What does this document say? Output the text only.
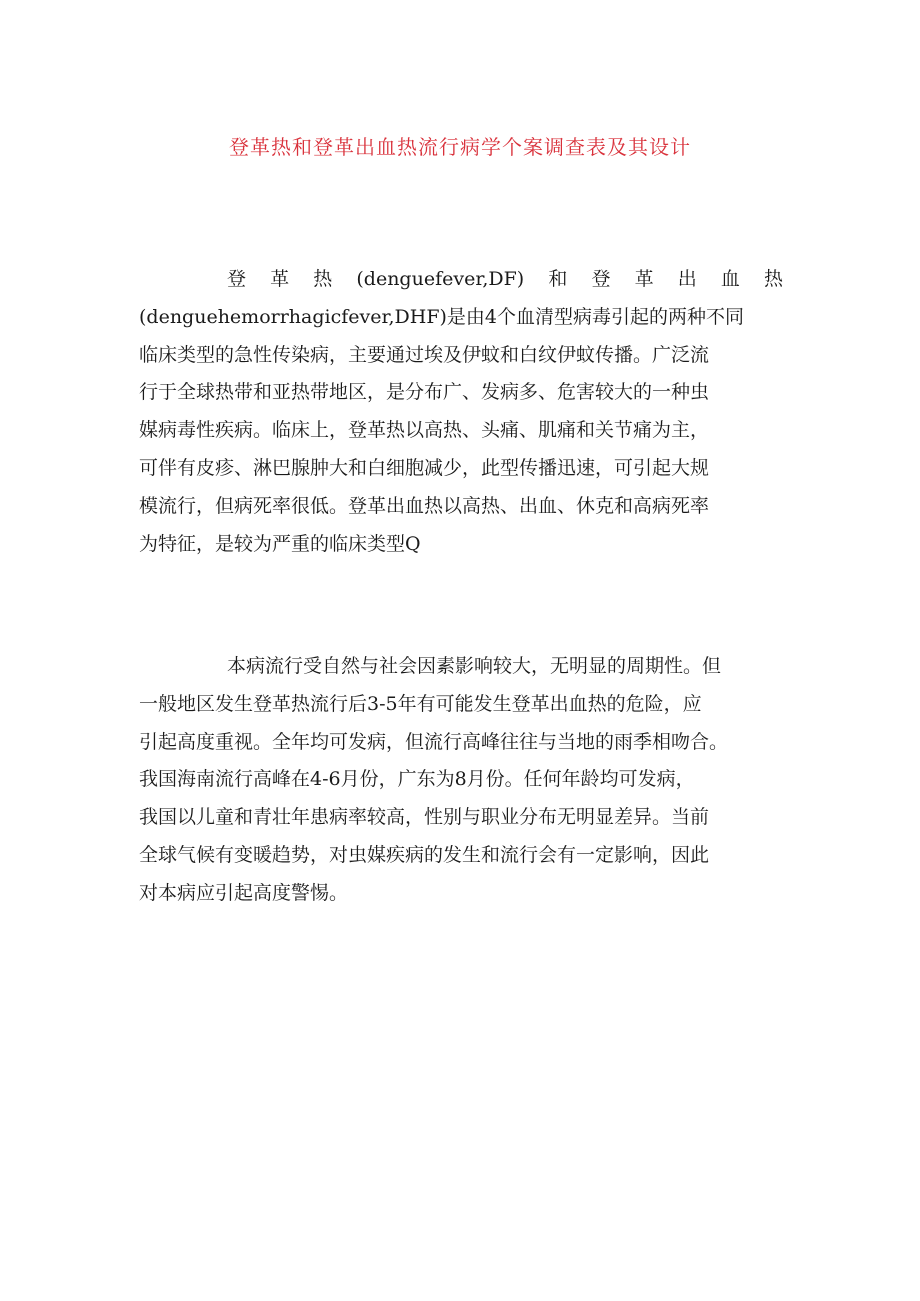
登革热和登革出血热流行病学个案调查表及其设计
登 革 热 (denguefever,DF) 和 登 革 出 血 热
(denguehemorrhagicfever,DHF)是由4个血清型病毒引起的两种不同
临床类型的急性传染病，主要通过埃及伊蚊和白纹伊蚊传播。广泛流
行于全球热带和亚热带地区，是分布广、发病多、危害较大的一种虫
媒病毒性疾病。临床上，登革热以高热、头痛、肌痛和关节痛为主，
可伴有皮疹、淋巴腺肿大和白细胞减少，此型传播迅速，可引起大规
模流行，但病死率很低。登革出血热以高热、出血、休克和高病死率
为特征，是较为严重的临床类型Q
本病流行受自然与社会因素影响较大，无明显的周期性。但
一般地区发生登革热流行后3-5年有可能发生登革出血热的危险，应
引起高度重视。全年均可发病，但流行高峰往往与当地的雨季相吻合。
我国海南流行高峰在4-6月份，广东为8月份。任何年龄均可发病，
我国以儿童和青壮年患病率较高，性别与职业分布无明显差异。当前
全球气候有变暖趋势，对虫媒疾病的发生和流行会有一定影响，因此
对本病应引起高度警惕。
